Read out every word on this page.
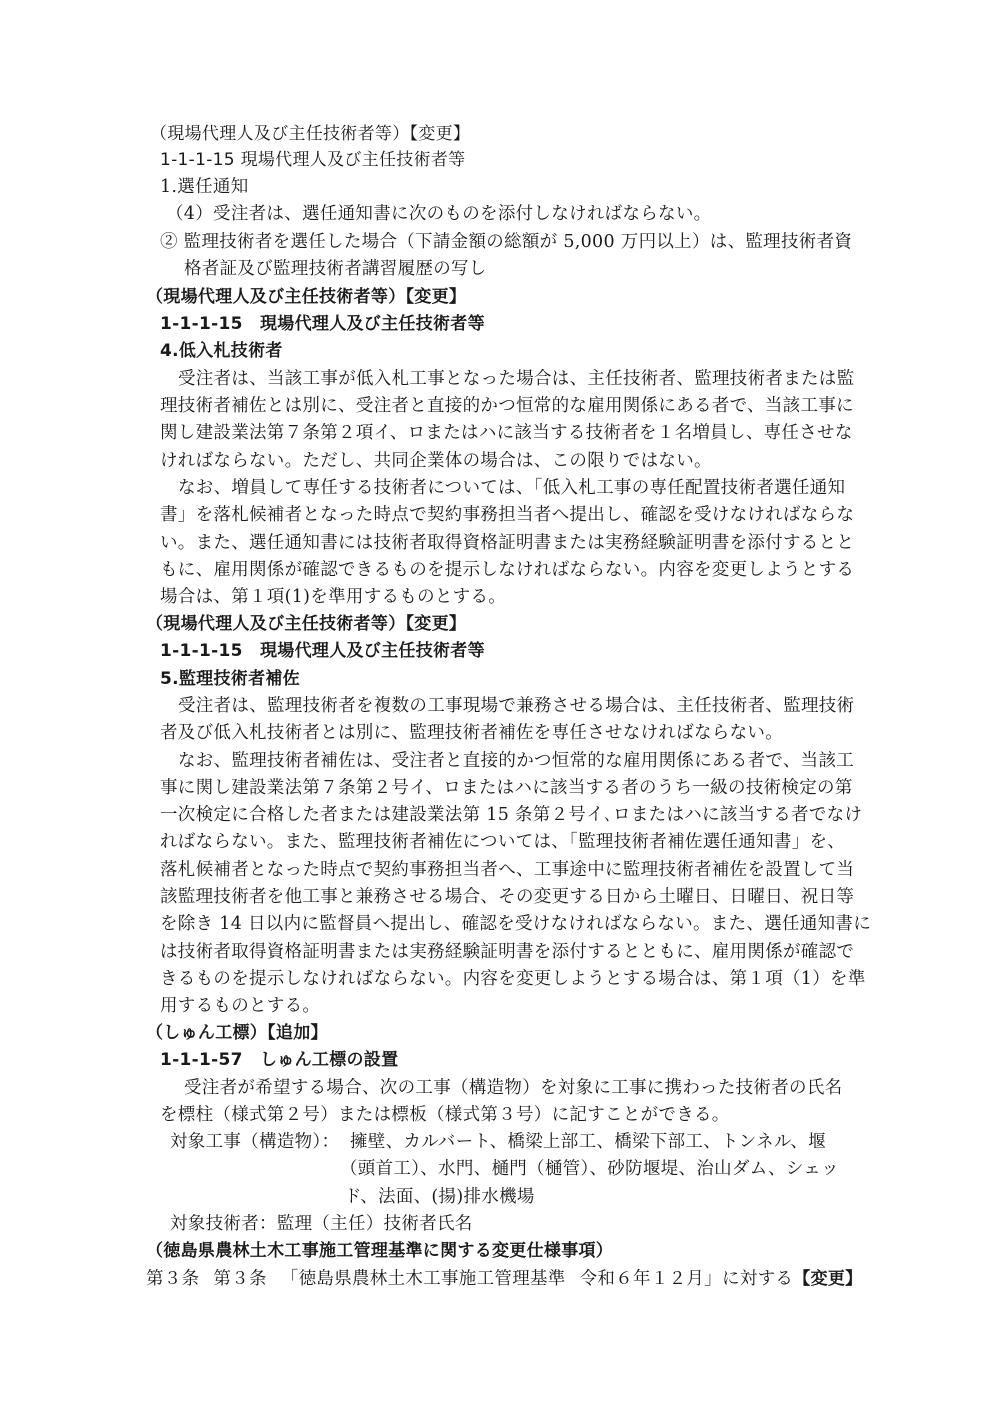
（現場代理人及び主任技術者等）【変更】
1-1-1-15 現場代理人及び主任技術者等
1.選任通知
（4）受注者は、選任通知書に次のものを添付しなければならない。
② 監理技術者を選任した場合（下請金額の総額が 5,000 万円以上）は、監理技術者資
格者証及び監理技術者講習履歴の写し
（現場代理人及び主任技術者等）【変更】
1-1-1-15　現場代理人及び主任技術者等
4.低入札技術者
受注者は、当該工事が低入札工事となった場合は、主任技術者、監理技術者または監
理技術者補佐とは別に、受注者と直接的かつ恒常的な雇用関係にある者で、当該工事に
関し建設業法第７条第２項イ、ロまたはハに該当する技術者を１名増員し、専任させな
ければならない。ただし、共同企業体の場合は、この限りではない。
なお、増員して専任する技術者については、「低入札工事の専任配置技術者選任通知
書」を落札候補者となった時点で契約事務担当者へ提出し、確認を受けなければならな
い。また、選任通知書には技術者取得資格証明書または実務経験証明書を添付するとと
もに、雇用関係が確認できるものを提示しなければならない。内容を変更しようとする
場合は、第１項(1)を準用するものとする。
（現場代理人及び主任技術者等）【変更】
1-1-1-15　現場代理人及び主任技術者等
5.監理技術者補佐
受注者は、監理技術者を複数の工事現場で兼務させる場合は、主任技術者、監理技術
者及び低入札技術者とは別に、監理技術者補佐を専任させなければならない。
なお、監理技術者補佐は、受注者と直接的かつ恒常的な雇用関係にある者で、当該工
事に関し建設業法第７条第２号イ、ロまたはハに該当する者のうち一級の技術検定の第
一次検定に合格した者または建設業法第 15 条第２号イ､ロまたはハに該当する者でなけ
ればならない。また、監理技術者補佐については、「監理技術者補佐選任通知書」を、
落札候補者となった時点で契約事務担当者へ、工事途中に監理技術者補佐を設置して当
該監理技術者を他工事と兼務させる場合、その変更する日から土曜日、日曜日、祝日等
を除き 14 日以内に監督員へ提出し、確認を受けなければならない。また、選任通知書に
は技術者取得資格証明書または実務経験証明書を添付するとともに、雇用関係が確認で
きるものを提示しなければならない。内容を変更しようとする場合は、第１項（1）を準
用するものとする。
（しゅん工標）【追加】
1-1-1-57　しゅん工標の設置
受注者が希望する場合、次の工事（構造物）を対象に工事に携わった技術者の氏名
を標柱（様式第２号）または標板（様式第３号）に記すことができる。
対象工事（構造物）： 擁壁、カルバート、橋梁上部工、橋梁下部工、トンネル、堰
（頭首工）、水門、樋門（樋管）、砂防堰堤、治山ダム、シェッ
ド、法面、(揚)排水機場
対象技術者：監理（主任）技術者氏名
（徳島県農林土木工事施工管理基準に関する変更仕様事項）
第３条 第３条 「徳島県農林土木工事施工管理基準 令和６年１２月」に対する【変更】
